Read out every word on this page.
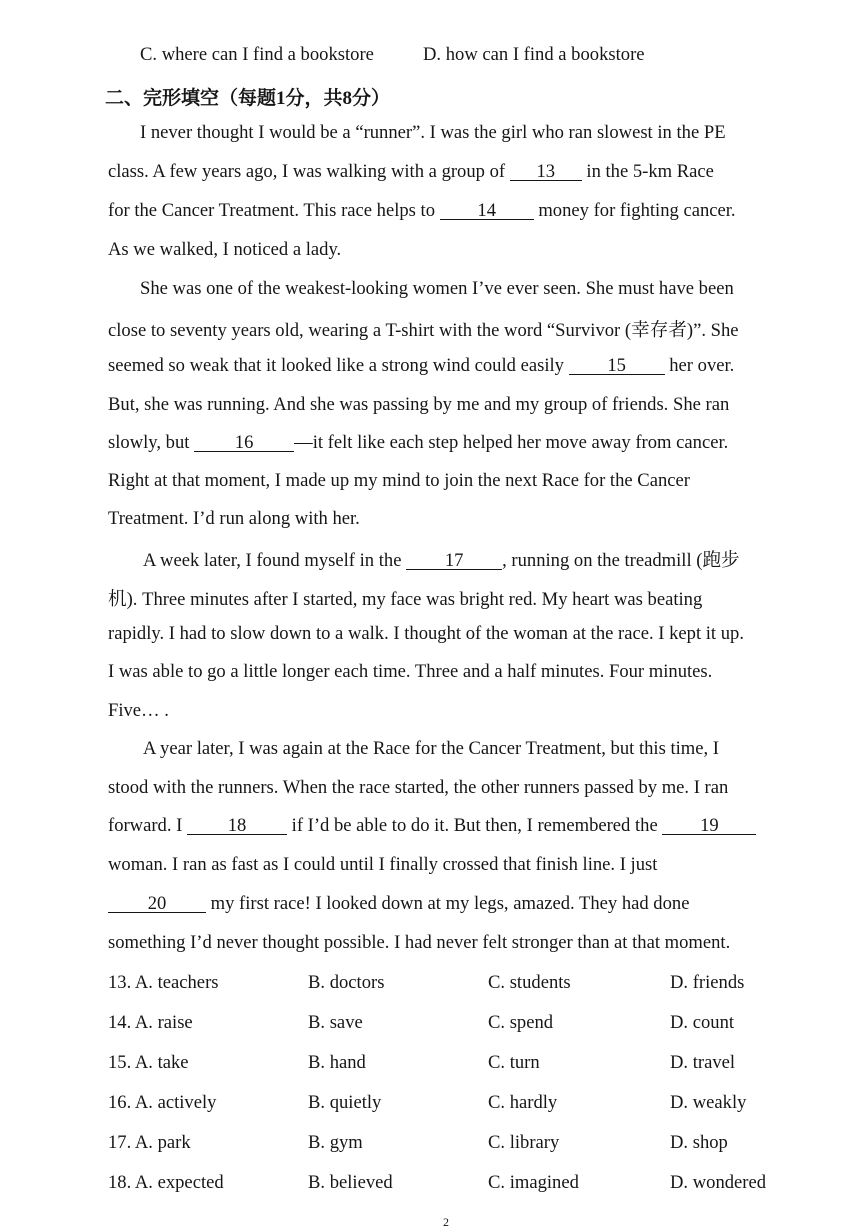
C. where can I find a bookstore	D. how can I find a bookstore
二、完形填空（每题1分，共8分）
I never thought I would be a “runner”. I was the girl who ran slowest in the PE
class. A few years ago, I was walking with a group of 13 in the 5-km Race
for the Cancer Treatment. This race helps to 14 money for fighting cancer.
As we walked, I noticed a lady.
She was one of the weakest-looking women I’ve ever seen. She must have been
close to seventy years old, wearing a T-shirt with the word “Survivor (幸存者)”. She
seemed so weak that it looked like a strong wind could easily 15 her over.
But, she was running. And she was passing by me and my group of friends. She ran
slowly, but 16 —it felt like each step helped her move away from cancer.
Right at that moment, I made up my mind to join the next Race for the Cancer
Treatment. I’d run along with her.
A week later, I found myself in the 17 , running on the treadmill (跑步
机). Three minutes after I started, my face was bright red. My heart was beating
rapidly. I had to slow down to a walk. I thought of the woman at the race. I kept it up.
I was able to go a little longer each time. Three and a half minutes. Four minutes.
Five… .
A year later, I was again at the Race for the Cancer Treatment, but this time, I
stood with the runners. When the race started, the other runners passed by me. I ran
forward. I 18 if I’d be able to do it. But then, I remembered the 19
woman. I ran as fast as I could until I finally crossed that finish line. I just
20 my first race! I looked down at my legs, amazed. They had done
something I’d never thought possible. I had never felt stronger than at that moment.
13. A. teachers	B. doctors	C. students	D. friends
14. A. raise	B. save	C. spend	D. count
15. A. take	B. hand	C. turn	D. travel
16. A. actively	B. quietly	C. hardly	D. weakly
17. A. park	B. gym	C. library	D. shop
18. A. expected	B. believed	C. imagined	D. wondered
2
